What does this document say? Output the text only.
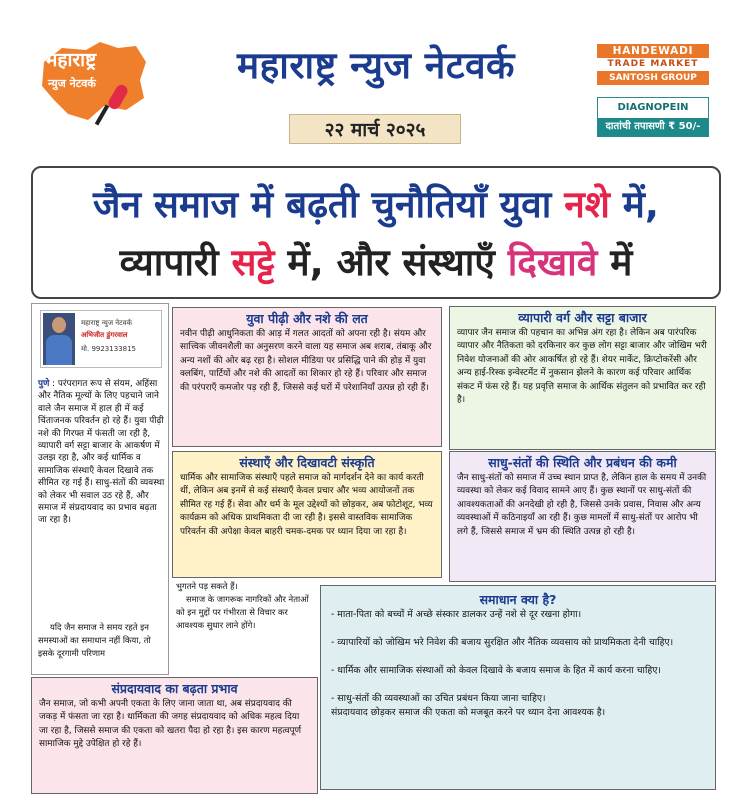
महाराष्ट्र
न्युज नेटवर्क	महाराष्ट्र न्युज नेटवर्क
२२ मार्च २०२५
HANDEWADI
TRADE MARKET
SANTOSH GROUP
DIAGNOPEIN
दातांची तपासणी ₹ 50/-
जैन समाज में बढ़ती चुनौतियाँ युवा नशे में,
व्यापारी सट्टे में, और संस्थाएँ दिखावे में
महाराष्ट्र न्युज नेटवर्क
अभिजीत डुंगरवाल
मो. 9923133815
पुणे : परंपरागत रूप से संयम, अहिंसा और नैतिक मूल्यों के लिए पहचाने जाने वाले जैन समाज में हाल ही में कई चिंताजनक परिवर्तन हो रहे हैं। युवा पीढ़ी नशे की गिरफ्त में फंसती जा रही है, व्यापारी वर्ग सट्टा बाजार के आकर्षण में उलझ रहा है, और कई धार्मिक व सामाजिक संस्थाएँ केवल दिखावे तक सीमित रह गई हैं। साधु-संतों की व्यवस्था को लेकर भी सवाल उठ रहे हैं, और समाज में संप्रदायवाद का प्रभाव बढ़ता जा रहा है।
यदि जैन समाज ने समय रहते इन समस्याओं का समाधान नहीं किया, तो इसके दूरगामी परिणाम
युवा पीढ़ी और नशे की लत
नवीन पीढ़ी आधुनिकता की आड़ में गलत आदतों को अपना रही है। संयम और सात्त्विक जीवनशैली का अनुसरण करने वाला यह समाज अब शराब, तंबाकू और अन्य नशों की ओर बढ़ रहा है। सोशल मीडिया पर प्रसिद्धि पाने की होड़ में युवा क्लबिंग, पार्टियों और नशे की आदतों का शिकार हो रहे हैं। परिवार और समाज की परंपराएँ कमजोर पड़ रही हैं, जिससे कई घरों में परेशानियाँ उत्पन्न हो रही हैं।
व्यापारी वर्ग और सट्टा बाजार
व्यापार जैन समाज की पहचान का अभिन्न अंग रहा है। लेकिन अब पारंपरिक व्यापार और नैतिकता को दरकिनार कर कुछ लोग सट्टा बाजार और जोखिम भरी निवेश योजनाओं की ओर आकर्षित हो रहे हैं। शेयर मार्केट, क्रिप्टोकरेंसी और अन्य हाई-रिस्क इन्वेस्टमेंट में नुकसान झेलने के कारण कई परिवार आर्थिक संकट में फंस रहे हैं। यह प्रवृत्ति समाज के आर्थिक संतुलन को प्रभावित कर रही है।
संस्थाएँ और दिखावटी संस्कृति
धार्मिक और सामाजिक संस्थाएँ पहले समाज को मार्गदर्शन देने का कार्य करती थीं, लेकिन अब इनमें से कई संस्थाएँ केवल प्रचार और भव्य आयोजनों तक सीमित रह गई हैं। सेवा और धर्म के मूल उद्देश्यों को छोड़कर, अब फोटोशूट, भव्य कार्यक्रम को अधिक प्राथमिकता दी जा रही है। इससे वास्तविक सामाजिक परिवर्तन की अपेक्षा केवल बाहरी चमक-दमक पर ध्यान दिया जा रहा है।
साधु-संतों की स्थिति और प्रबंधन की कमी
जैन साधु-संतों को समाज में उच्च स्थान प्राप्त है, लेकिन हाल के समय में उनकी व्यवस्था को लेकर कई विवाद सामने आए हैं। कुछ स्थानों पर साधु-संतों की आवश्यकताओं की अनदेखी हो रही है, जिससे उनके प्रवास, निवास और अन्य व्यवस्थाओं में कठिनाइयाँ आ रही हैं। कुछ मामलों में साधु-संतों पर आरोप भी लगे हैं, जिससे समाज में भ्रम की स्थिति उत्पन्न हो रही है।
भुगतने पड़ सकते हैं।
समाज के जागरूक नागरिकों और नेताओं को इन मुद्दों पर गंभीरता से विचार कर आवश्यक सुधार लाने होंगे।
संप्रदायवाद का बढ़ता प्रभाव
जैन समाज, जो कभी अपनी एकता के लिए जाना जाता था, अब संप्रदायवाद की जकड़ में फंसता जा रहा है। धार्मिकता की जगह संप्रदायवाद को अधिक महत्व दिया जा रहा है, जिससे समाज की एकता को खतरा पैदा हो रहा है। इस कारण महत्वपूर्ण सामाजिक मुद्दे उपेक्षित हो रहे हैं।
समाधान क्या है?
- माता-पिता को बच्चों में अच्छे संस्कार डालकर उन्हें नशे से दूर रखना होगा।
- व्यापारियों को जोखिम भरे निवेश की बजाय सुरक्षित और नैतिक व्यवसाय को प्राथमिकता देनी चाहिए।
- धार्मिक और सामाजिक संस्थाओं को केवल दिखावे के बजाय समाज के हित में कार्य करना चाहिए।
- साधु-संतों की व्यवस्थाओं का उचित प्रबंधन किया जाना चाहिए।
संप्रदायवाद छोड़कर समाज की एकता को मजबूत करने पर ध्यान देना आवश्यक है।
